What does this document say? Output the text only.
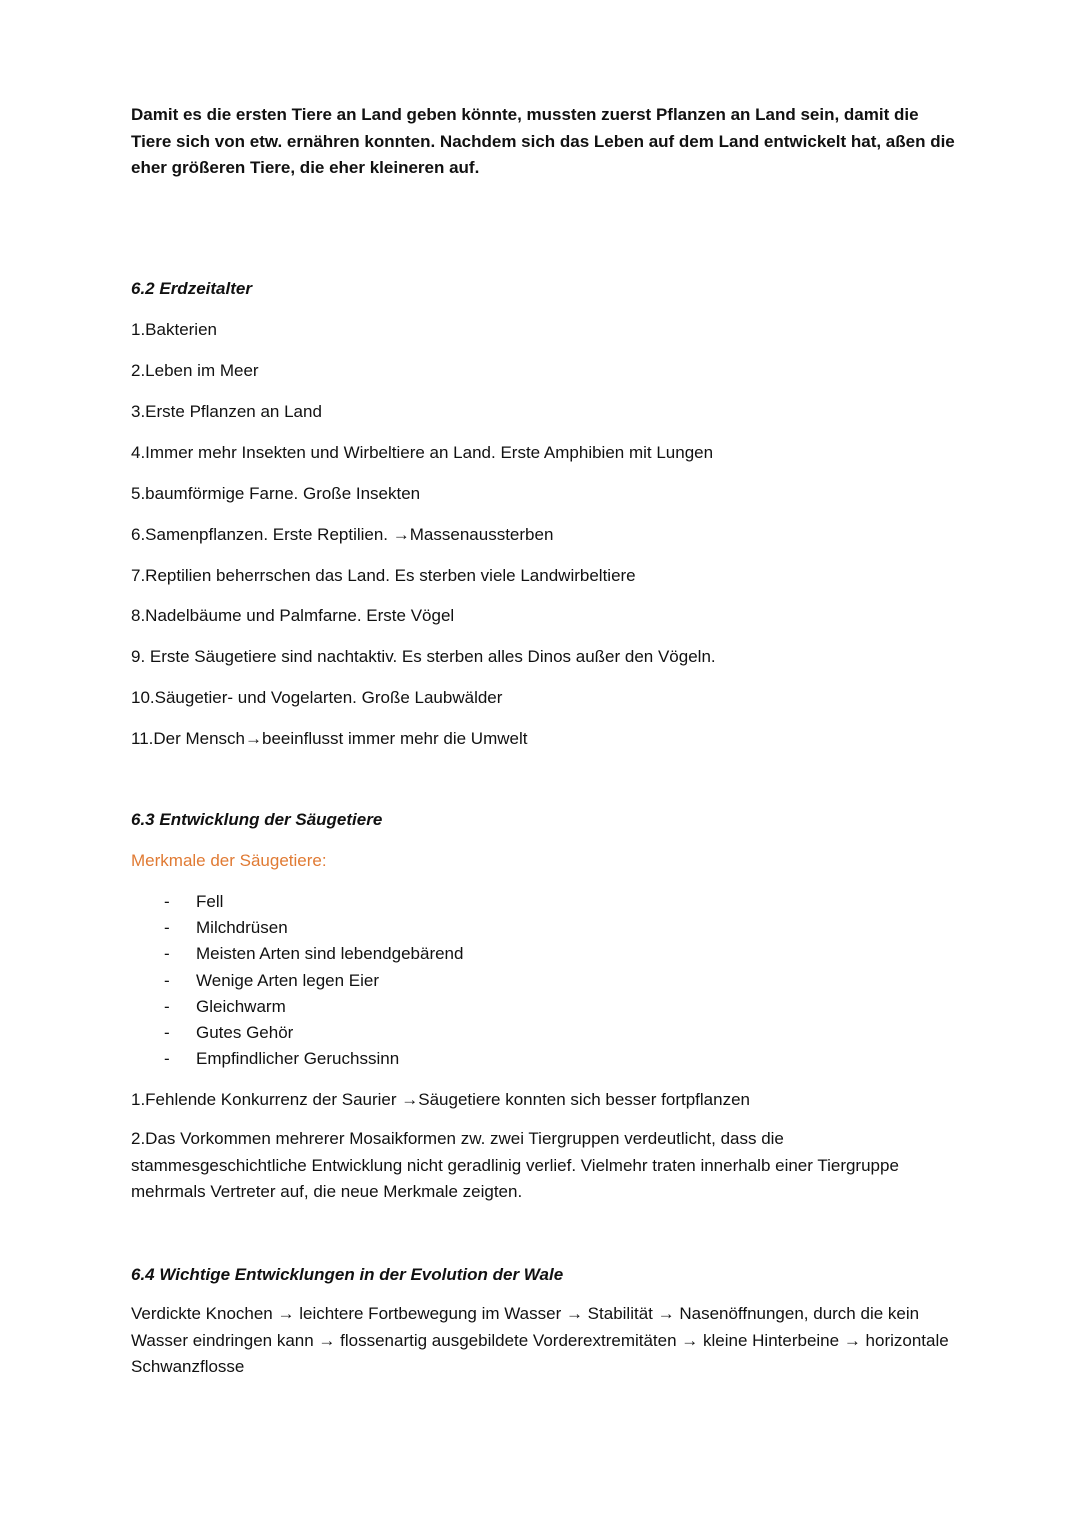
Damit es die ersten Tiere an Land geben könnte, mussten zuerst Pflanzen an Land sein, damit die Tiere sich von etw. ernähren konnten. Nachdem sich das Leben auf dem Land entwickelt hat, aßen die eher größeren Tiere, die eher kleineren auf.

6.2 Erdzeitalter
1.Bakterien
2.Leben im Meer
3.Erste Pflanzen an Land
4.Immer mehr Insekten und Wirbeltiere an Land. Erste Amphibien mit Lungen
5.baumförmige Farne. Große Insekten
6.Samenpflanzen. Erste Reptilien. →Massenaussterben
7.Reptilien beherrschen das Land. Es sterben viele Landwirbeltiere
8.Nadelbäume und Palmfarne. Erste Vögel
9. Erste Säugetiere sind nachtaktiv. Es sterben alles Dinos außer den Vögeln.
10.Säugetier- und Vogelarten. Große Laubwälder
11.Der Mensch→beeinflusst immer mehr die Umwelt
6.3 Entwicklung der Säugetiere
Merkmale der Säugetiere:
- Fell
- Milchdrüsen
- Meisten Arten sind lebendgebärend
- Wenige Arten legen Eier
- Gleichwarm
- Gutes Gehör
- Empfindlicher Geruchssinn
1.Fehlende Konkurrenz der Saurier →Säugetiere konnten sich besser fortpflanzen

2.Das Vorkommen mehrerer Mosaikformen zw. zwei Tiergruppen verdeutlicht, dass die stammesgeschichtliche Entwicklung nicht geradlinig verlief. Vielmehr traten innerhalb einer Tiergruppe mehrmals Vertreter auf, die neue Merkmale zeigten.

6.4 Wichtige Entwicklungen in der Evolution der Wale

Verdickte Knochen → leichtere Fortbewegung im Wasser → Stabilität → Nasenöffnungen, durch die kein Wasser eindringen kann → flossenartig ausgebildete Vorderextremitäten → kleine Hinterbeine → horizontale Schwanzflosse
